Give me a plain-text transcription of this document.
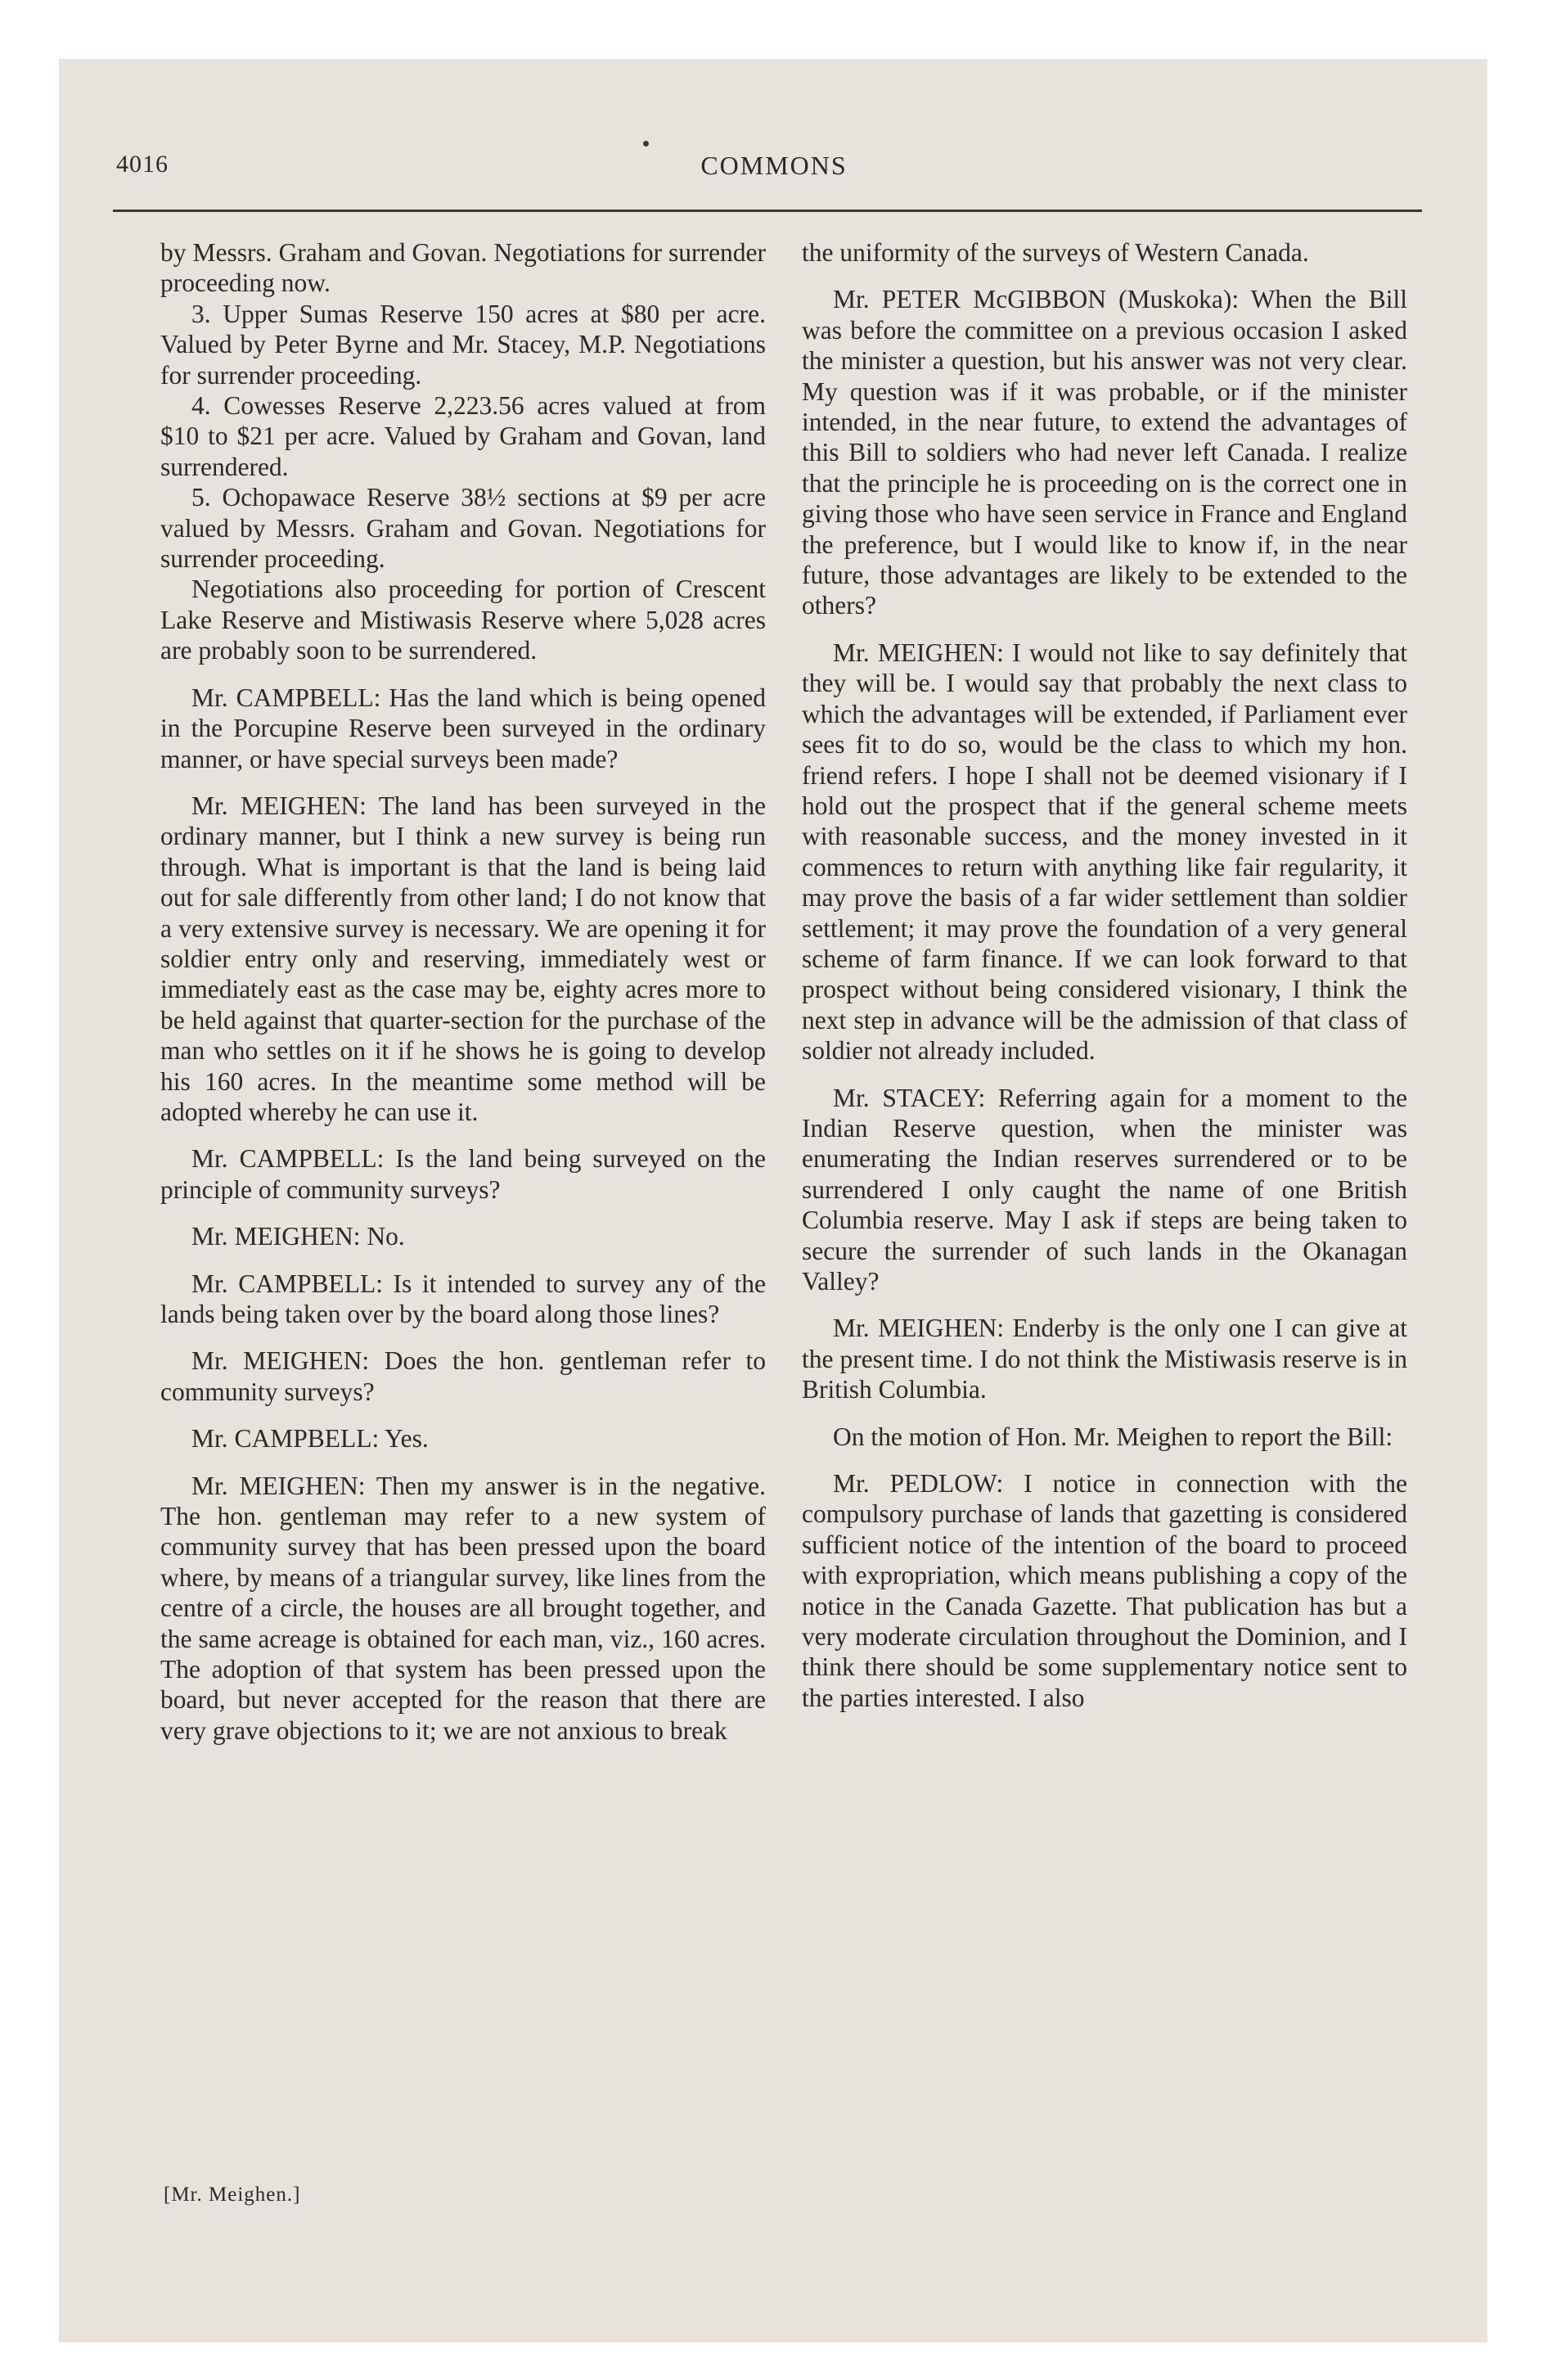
4016	COMMONS

by Messrs. Graham and Govan. Negotiations for surrender proceeding now.

3. Upper Sumas Reserve 150 acres at $80 per acre. Valued by Peter Byrne and Mr. Stacey, M.P. Negotiations for surrender proceeding.

4. Cowesses Reserve 2,223.56 acres valued at from $10 to $21 per acre. Valued by Graham and Govan, land surrendered.

5. Ochopawace Reserve 38½ sections at $9 per acre valued by Messrs. Graham and Govan. Negotiations for surrender proceeding.

Negotiations also proceeding for portion of Crescent Lake Reserve and Mistiwasis Reserve where 5,028 acres are probably soon to be surrendered.

Mr. CAMPBELL: Has the land which is being opened in the Porcupine Reserve been surveyed in the ordinary manner, or have special surveys been made?

Mr. MEIGHEN: The land has been surveyed in the ordinary manner, but I think a new survey is being run through. What is important is that the land is being laid out for sale differently from other land; I do not know that a very extensive survey is necessary. We are opening it for soldier entry only and reserving, immediately west or immediately east as the case may be, eighty acres more to be held against that quarter-section for the purchase of the man who settles on it if he shows he is going to develop his 160 acres. In the meantime some method will be adopted whereby he can use it.

Mr. CAMPBELL: Is the land being surveyed on the principle of community surveys?

Mr. MEIGHEN: No.

Mr. CAMPBELL: Is it intended to survey any of the lands being taken over by the board along those lines?

Mr. MEIGHEN: Does the hon. gentleman refer to community surveys?

Mr. CAMPBELL: Yes.

Mr. MEIGHEN: Then my answer is in the negative. The hon. gentleman may refer to a new system of community survey that has been pressed upon the board where, by means of a triangular survey, like lines from the centre of a circle, the houses are all brought together, and the same acreage is obtained for each man, viz., 160 acres. The adoption of that system has been pressed upon the board, but never accepted for the reason that there are very grave objections to it; we are not anxious to break

the uniformity of the surveys of Western Canada.

Mr. PETER McGIBBON (Muskoka): When the Bill was before the committee on a previous occasion I asked the minister a question, but his answer was not very clear. My question was if it was probable, or if the minister intended, in the near future, to extend the advantages of this Bill to soldiers who had never left Canada. I realize that the principle he is proceeding on is the correct one in giving those who have seen service in France and England the preference, but I would like to know if, in the near future, those advantages are likely to be extended to the others?

Mr. MEIGHEN: I would not like to say definitely that they will be. I would say that probably the next class to which the advantages will be extended, if Parliament ever sees fit to do so, would be the class to which my hon. friend refers. I hope I shall not be deemed visionary if I hold out the prospect that if the general scheme meets with reasonable success, and the money invested in it commences to return with anything like fair regularity, it may prove the basis of a far wider settlement than soldier settlement; it may prove the foundation of a very general scheme of farm finance. If we can look forward to that prospect without being considered visionary, I think the next step in advance will be the admission of that class of soldier not already included.

Mr. STACEY: Referring again for a moment to the Indian Reserve question, when the minister was enumerating the Indian reserves surrendered or to be surrendered I only caught the name of one British Columbia reserve. May I ask if steps are being taken to secure the surrender of such lands in the Okanagan Valley?

Mr. MEIGHEN: Enderby is the only one I can give at the present time. I do not think the Mistiwasis reserve is in British Columbia.

On the motion of Hon. Mr. Meighen to report the Bill:

Mr. PEDLOW: I notice in connection with the compulsory purchase of lands that gazetting is considered sufficient notice of the intention of the board to proceed with expropriation, which means publishing a copy of the notice in the Canada Gazette. That publication has but a very moderate circulation throughout the Dominion, and I think there should be some supplementary notice sent to the parties interested. I also

[Mr. Meighen.]
